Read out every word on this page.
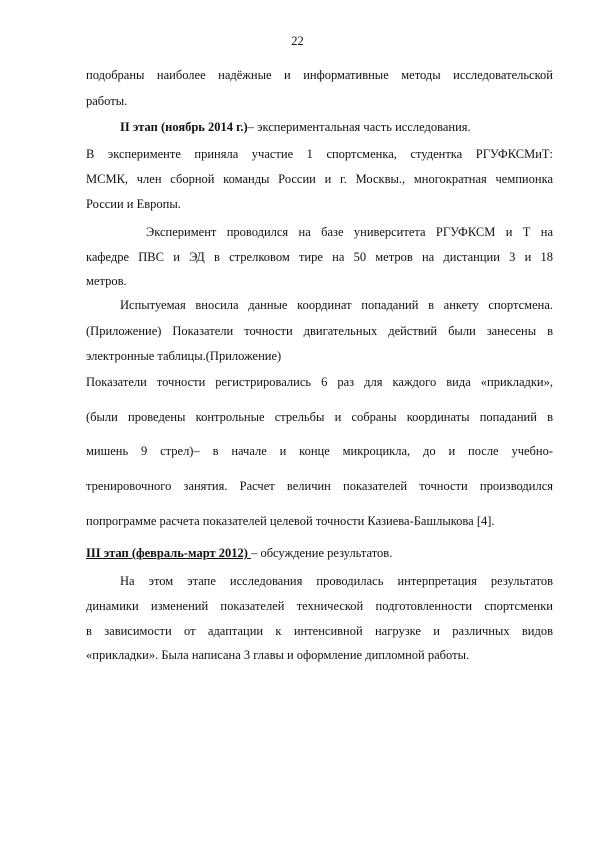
22
подобраны наиболее надёжные и информативные методы исследовательской
работы.
II этап (ноябрь 2014 г.)– экспериментальная часть исследования.
В эксперименте приняла участие 1 спортсменка, студентка РГУФКСМиТ:
МСМК, член сборной команды России и г. Москвы., многократная чемпионка
России и Европы.
Эксперимент проводился на базе университета РГУФКСМ и Т на
кафедре ПВС и ЭД в стрелковом тире на 50 метров на дистанции 3 и 18
метров.
Испытуемая вносила данные координат попаданий в анкету спортсмена.
(Приложение) Показатели точности двигательных действий были занесены в
электронные таблицы.(Приложение)
Показатели точности регистрировались 6 раз для каждого вида «прикладки»,
(были проведены контрольные стрельбы и собраны координаты попаданий в
мишень 9 стрел)– в начале и конце микроцикла, до и после учебно-
тренировочного занятия. Расчет величин показателей точности производился
попрограмме расчета показателей целевой точности Казиева-Башлыкова [4].
III этап (февраль-март 2012) – обсуждение результатов.
На этом этапе исследования проводилась интерпретация результатов
динамики изменений показателей технической подготовленности спортсменки
в зависимости от адаптации к интенсивной нагрузке и различных видов
«прикладки». Была написана 3 главы и оформление дипломной работы.
